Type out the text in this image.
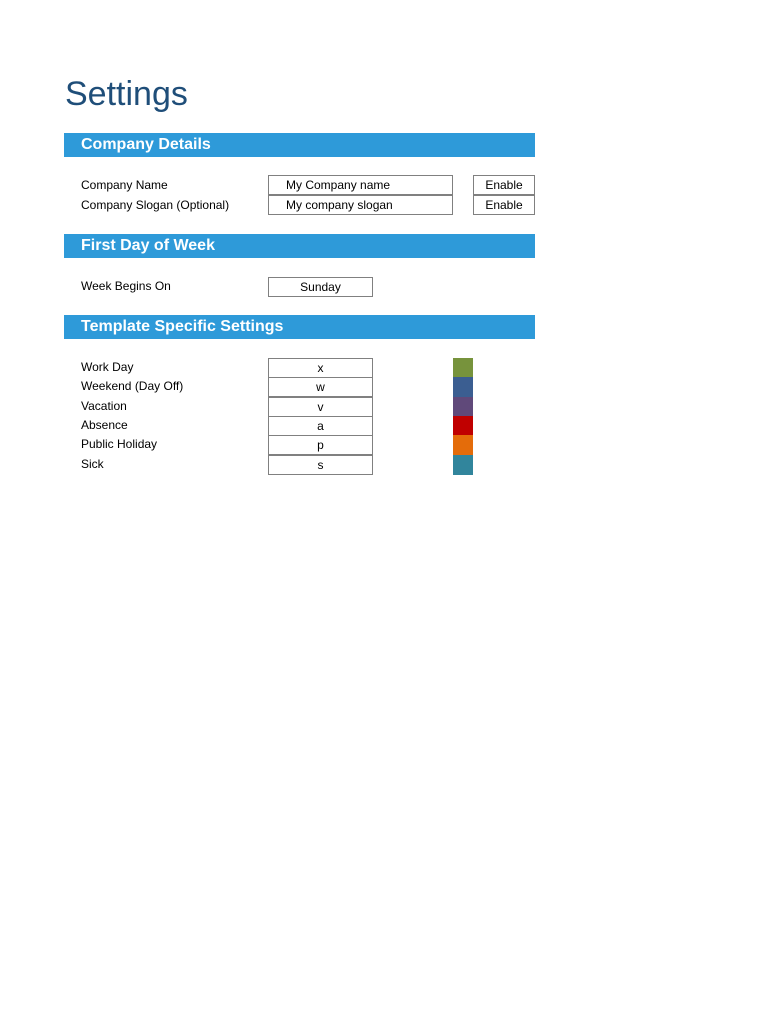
Settings
Company Details
Company Name	My Company name	Enable
Company Slogan (Optional)	My company slogan	Enable
First Day of Week
Week Begins On	Sunday
Template Specific Settings
Work Day	x
Weekend (Day Off)	w
Vacation	v
Absence	a
Public Holiday	p
Sick	s
